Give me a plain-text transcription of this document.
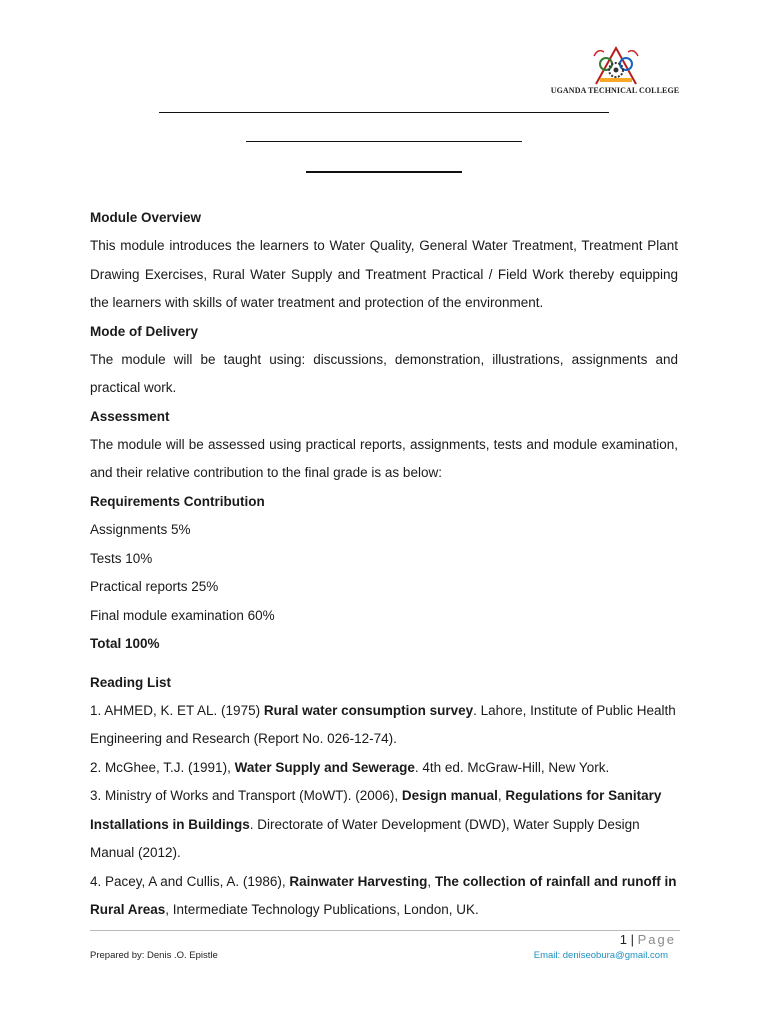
UGANDA TECHNICAL COLLEGE
Module Overview
This module introduces the learners to Water Quality, General Water Treatment, Treatment Plant Drawing Exercises, Rural Water Supply and Treatment Practical / Field Work thereby equipping the learners with skills of water treatment and protection of the environment.
Mode of Delivery
The module will be taught using: discussions, demonstration, illustrations, assignments and practical work.
Assessment
The module will be assessed using practical reports, assignments, tests and module examination, and their relative contribution to the final grade is as below:
Requirements Contribution
Assignments 5%
Tests 10%
Practical reports 25%
Final module examination 60%
Total 100%
Reading List
1. AHMED, K. ET AL. (1975) Rural water consumption survey. Lahore, Institute of Public Health Engineering and Research (Report No. 026-12-74).
2. McGhee, T.J. (1991), Water Supply and Sewerage. 4th ed. McGraw-Hill, New York.
3. Ministry of Works and Transport (MoWT). (2006), Design manual, Regulations for Sanitary Installations in Buildings. Directorate of Water Development (DWD), Water Supply Design Manual (2012).
4. Pacey, A and Cullis, A. (1986), Rainwater Harvesting, The collection of rainfall and runoff in Rural Areas, Intermediate Technology Publications, London, UK.
1 | Page
Prepared by: Denis .O. Epistle	Email: deniseobura@gmail.com
